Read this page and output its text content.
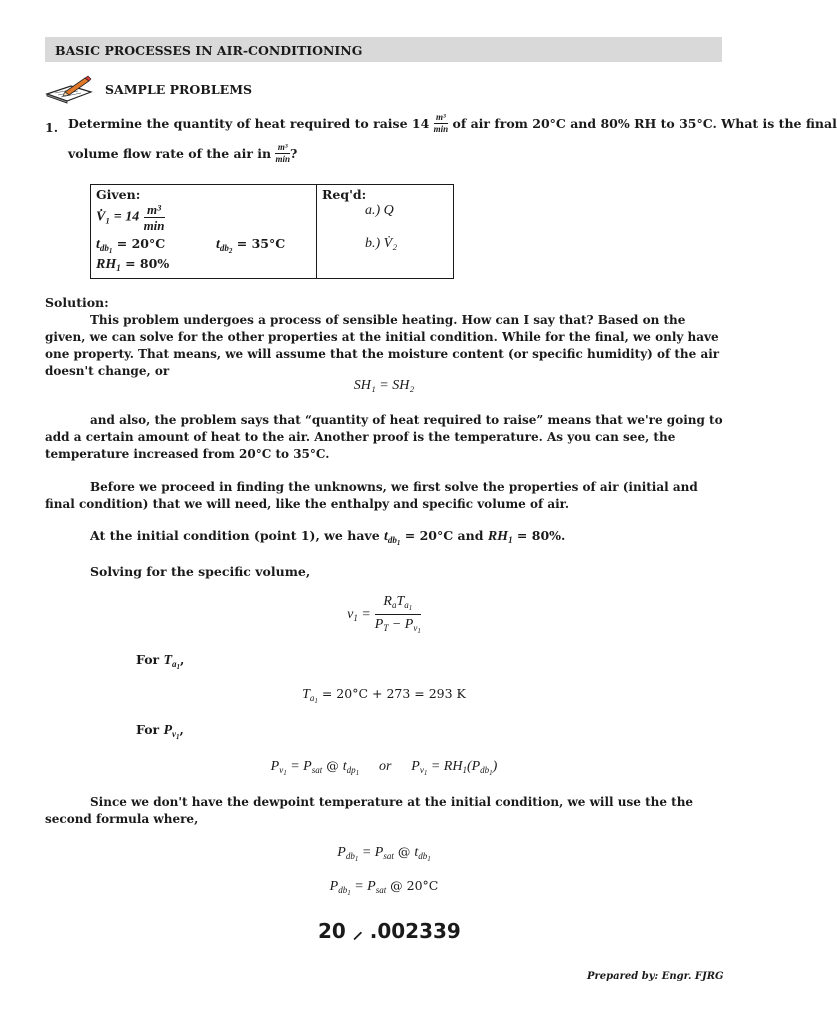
BASIC PROCESSES IN AIR-CONDITIONING
SAMPLE PROBLEMS
1. Determine the quantity of heat required to raise $14 \frac{\text{m³}}{\min}$ of air from 20°C and 80% RH to 35°C. What is the final
volume flow rate of the air in $\frac{\text{m³}}{\min}$ ?
Given:
V̇₁ = $14 \frac{\text{m³}}{\min}$
$t_{db_1} = 20^\circ C$	$t_{db_2} = 35^\circ C$
$RH_1 = 80\%$
Req'd:
a.) Q
b.) V̇₂
Solution:
This problem undergoes a process of sensible heating. How can I say that? Based on the given, we can solve for the other properties at the initial condition. While for the final, we only have one property. That means, we will assume that the moisture content (or specific humidity) of the air doesn't change, or
SH₁ = SH₂
and also, the problem says that “quantity of heat required to raise” means that we're going to add a certain amount of heat to the air. Another proof is the temperature. As you can see, the temperature increased from 20°C to 35°C.
Before we proceed in finding the unknowns, we first solve the properties of air (initial and final condition) that we will need, like the enthalpy and specific volume of air.
At the initial condition (point 1), we have $t_{db_1} = 20^\circ C$ and $RH_1 = 80\%$.
Solving for the specific volume,
$v_1 = \frac{R_aT_{a_1}}{P_T - P_{v_1}}$
For $T_{a_1}$,
$T_{a_1} = 20^\circ C + 273 = 293$ K
For $P_{v_1}$,
$P_{v_1} = P_{sat}$ @ $t_{dp_1}$ or $P_{v_1} = RH_1(P_{db_1})$
Since we don't have the dewpoint temperature at the initial condition, we will use the the second formula where,
$P_{db_1} = P_{sat}$ @ $t_{db_1}$
$P_{db_1} = P_{sat}$ @ 20°C
20 ⸝ .002339
Prepared by: Engr. FJRG
